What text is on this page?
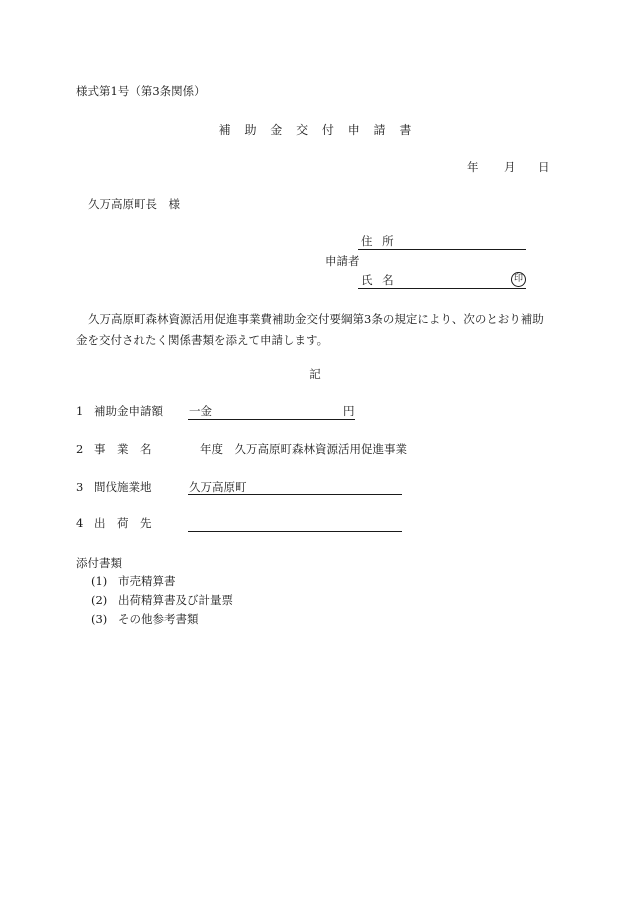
様式第1号（第3条関係）
補 助 金 交 付 申 請 書
年 月 日
久万高原町長　様
住 所
申請者
氏 名	印
久万高原町森林資源活用促進事業費補助金交付要綱第3条の規定により、次のとおり補助金を交付されたく関係書類を添えて申請します。
記
1 補助金申請額 一金	円
2 事　業　名	年度　久万高原町森林資源活用促進事業
3 間伐施業地	久万高原町
4 出　荷　先
添付書類
(1) 市売精算書
(2) 出荷精算書及び計量票
(3) その他参考書類
